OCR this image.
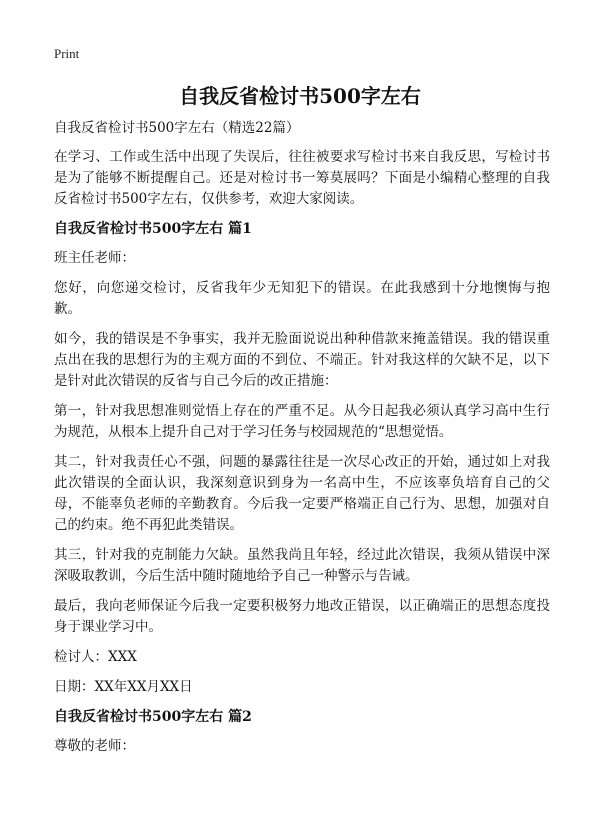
Print
自我反省检讨书500字左右
自我反省检讨书500字左右（精选22篇）

在学习、工作或生活中出现了失误后，往往被要求写检讨书来自我反思，写检讨书是为了能够不断提醒自己。还是对检讨书一筹莫展吗？下面是小编精心整理的自我反省检讨书500字左右，仅供参考，欢迎大家阅读。

自我反省检讨书500字左右 篇1

班主任老师：

您好，向您递交检讨，反省我年少无知犯下的错误。在此我感到十分地懊悔与抱歉。

如今，我的错误是不争事实，我并无脸面说说出种种借款来掩盖错误。我的错误重点出在我的思想行为的主观方面的不到位、不端正。针对我这样的欠缺不足，以下是针对此次错误的反省与自己今后的改正措施：

第一，针对我思想准则觉悟上存在的严重不足。从今日起我必须认真学习高中生行为规范，从根本上提升自己对于学习任务与校园规范的“思想觉悟。

其二，针对我责任心不强，问题的暴露往往是一次尽心改正的开始，通过如上对我此次错误的全面认识，我深刻意识到身为一名高中生，不应该辜负培育自己的父母，不能辜负老师的辛勤教育。今后我一定要严格端正自己行为、思想，加强对自己的约束。绝不再犯此类错误。

其三，针对我的克制能力欠缺。虽然我尚且年轻，经过此次错误，我须从错误中深深吸取教训，今后生活中随时随地给予自己一种警示与告诫。

最后，我向老师保证今后我一定要积极努力地改正错误，以正确端正的思想态度投身于课业学习中。

检讨人：XXX

日期：XX年XX月XX日

自我反省检讨书500字左右 篇2

尊敬的老师：
